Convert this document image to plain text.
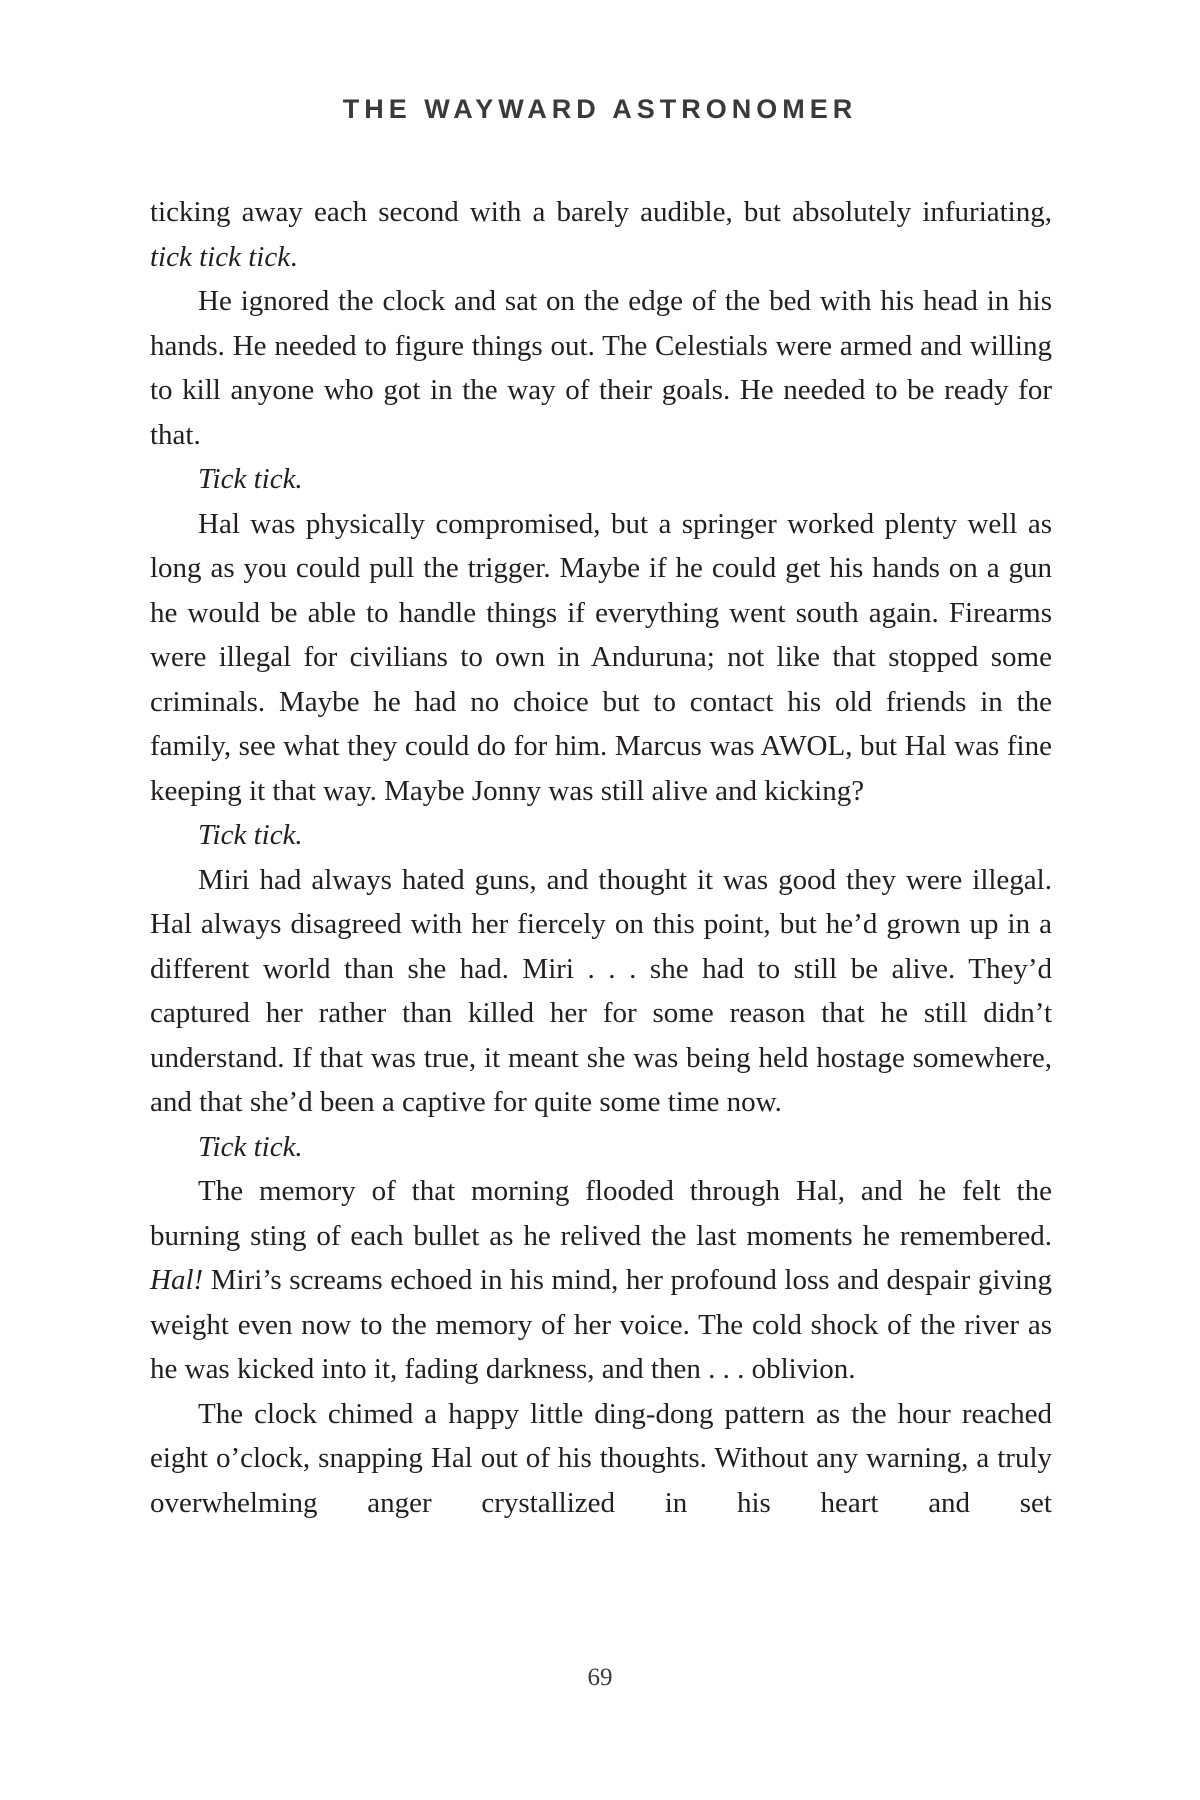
THE WAYWARD ASTRONOMER

ticking away each second with a barely audible, but absolutely infuriating, tick tick tick.

He ignored the clock and sat on the edge of the bed with his head in his hands. He needed to figure things out. The Celestials were armed and willing to kill anyone who got in the way of their goals. He needed to be ready for that.

Tick tick.

Hal was physically compromised, but a springer worked plenty well as long as you could pull the trigger. Maybe if he could get his hands on a gun he would be able to handle things if everything went south again. Firearms were illegal for civilians to own in Anduruna; not like that stopped some criminals. Maybe he had no choice but to contact his old friends in the family, see what they could do for him. Marcus was AWOL, but Hal was fine keeping it that way. Maybe Jonny was still alive and kicking?

Tick tick.

Miri had always hated guns, and thought it was good they were illegal. Hal always disagreed with her fiercely on this point, but he’d grown up in a different world than she had. Miri . . . she had to still be alive. They’d captured her rather than killed her for some reason that he still didn’t understand. If that was true, it meant she was being held hostage somewhere, and that she’d been a captive for quite some time now.

Tick tick.

The memory of that morning flooded through Hal, and he felt the burning sting of each bullet as he relived the last moments he remembered. Hal! Miri’s screams echoed in his mind, her profound loss and despair giving weight even now to the memory of her voice. The cold shock of the river as he was kicked into it, fading darkness, and then . . . oblivion.

The clock chimed a happy little ding-dong pattern as the hour reached eight o’clock, snapping Hal out of his thoughts. Without any warning, a truly overwhelming anger crystallized in his heart and set

69
